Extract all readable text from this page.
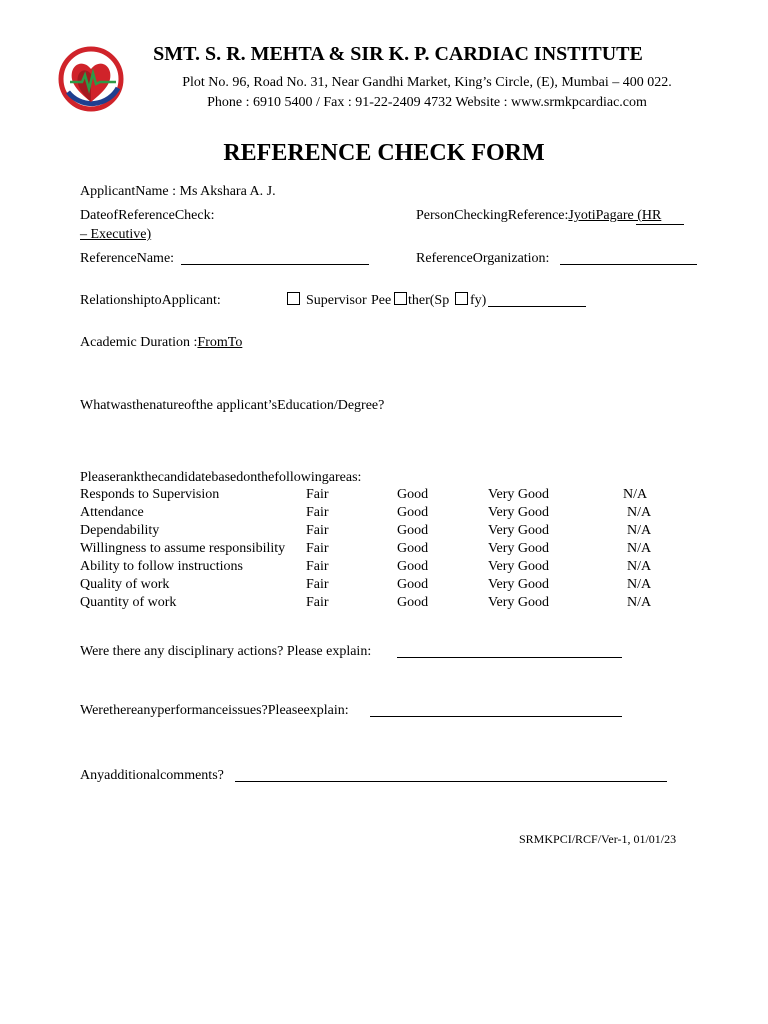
SMT. S. R. MEHTA & SIR K. P. CARDIAC INSTITUTE
Plot No. 96, Road No. 31, Near Gandhi Market, King’s Circle, (E), Mumbai – 400 022.
Phone : 6910 5400 / Fax : 91-22-2409 4732 Website : www.srmkpcardiac.com
REFERENCE CHECK FORM
ApplicantName : Ms Akshara A. J.
DateofReferenceCheck:	PersonCheckingReference:JyotiPagare (HR
– Executive)
ReferenceName:	ReferenceOrganization:
RelationshiptoApplicant:	Supervisor Pee ther(Sp fy)
Academic Duration :FromTo
Whatwasthenatureofthe applicant’sEducation/Degree?
Pleaserankthecandidatebasedonthefollowingareas:
Responds to Supervision	Fair	Good	Very Good	N/A
Attendance	Fair	Good	Very Good	N/A
Dependability	Fair	Good	Very Good	N/A
Willingness to assume responsibility	Fair	Good	Very Good	N/A
Ability to follow instructions	Fair	Good	Very Good	N/A
Quality of work	Fair	Good	Very Good	N/A
Quantity of work	Fair	Good	Very Good	N/A
Were there any disciplinary actions? Please explain:
Werethereanyperformanceissues?Pleaseexplain:
Anyadditionalcomments?
SRMKPCI/RCF/Ver-1, 01/01/23
